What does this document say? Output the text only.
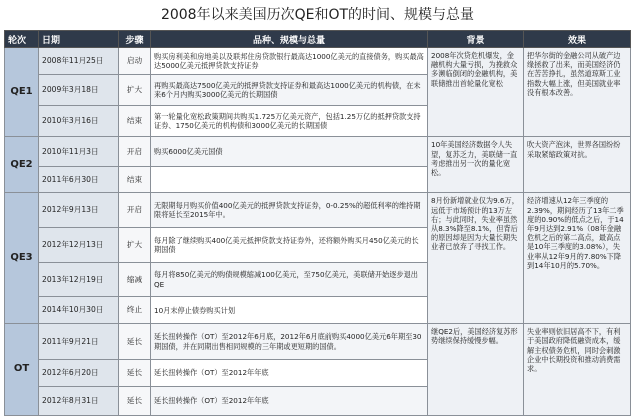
2008年以来美国历次QE和OT的时间、规模与总量
轮次	日期	步骤	品种、规模与总量	背景	效果
QE1	2008年11月25日	启动	购买房利美和房地美以及联邦住房贷款银行最高达1000亿美元的直接债务，购买最高达5000亿美元抵押贷款支持证券	2008年次贷危机爆发，金融机构大量亏损，为挽救众多濒临倒闭的金融机构，美联储推出首轮量化宽松	把华尔街的金融公司从破产边缘拯救了出来，而美国经济仍在苦苦挣扎，虽然道琼斯工业指数大幅上涨，但美国就业率没有根本改善。
	2009年3月18日	扩大	再购买最高达7500亿美元的抵押贷款支持证券和最高达1000亿美元的机构债，在未来6个月内购买3000亿美元的长期国债		
	2010年3月16日	结束	第一轮量化宽松政策期间共购买1.725万亿美元资产，包括1.25万亿的抵押贷款支持证券、1750亿美元的机构债和3000亿美元的长期国债		
QE2	2010年11月3日	开启	购买6000亿美元国债	10年美国经济数据令人失望，复苏乏力，美联储一直考虑推出另一次的量化宽松。	吹大资产泡沫，世界各国纷纷采取紧缩政策对抗。
	2011年6月30日	结束			
QE3	2012年9月13日	开启	无限期每月购买价值400亿美元的抵押贷款支持证券，0-0.25%的超低利率的维持期限将延长至2015年中。	8月份新增就业仅为9.6万，远低于市场预计的13万左右；与此同时，失业率虽然从8.3%降至8.1%，但背后的原因却是因为大量长期失业者已放弃了寻找工作。	经济增速从12年三季度的2.39%，期间经历了13年二季度的0.90%的低点之后，于14年9月达到2.91%（08年金融危机之后的第二高点，最高点是10年三季度的3.08%），失业率从12年9月的7.80%下降到14年10月的5.70%。
	2012年12月13日	扩大	每月除了继续购买400亿美元抵押贷款支持证券外，还将额外购买月450亿美元的长期国债		
	2013年12月19日	缩减	每月将850亿美元的购债规模缩减100亿美元，至750亿美元，美联储开始逐步退出QE		
	2014年10月30日	终止	10月末停止债券购买计划		
OT	2011年9月21日	延长	延长扭转操作（OT）至2012年6月底，2012年6月底前购买4000亿美元6年期至30期国债，并在同期出售相同规模的三年期或更短期的国债。	继QE2后，美国经济复苏形势继续保持缓慢步幅。	失业率则依旧居高不下，有利于美国政府降低融资成本，缓解主权债务危机，同时会刺激企业中长期投资和推动消费需求。
	2012年6月20日	延长	延长扭转操作（OT）至2012年年底		
	2012年8月31日	延长	延长扭转操作（OT）至2012年年底		
